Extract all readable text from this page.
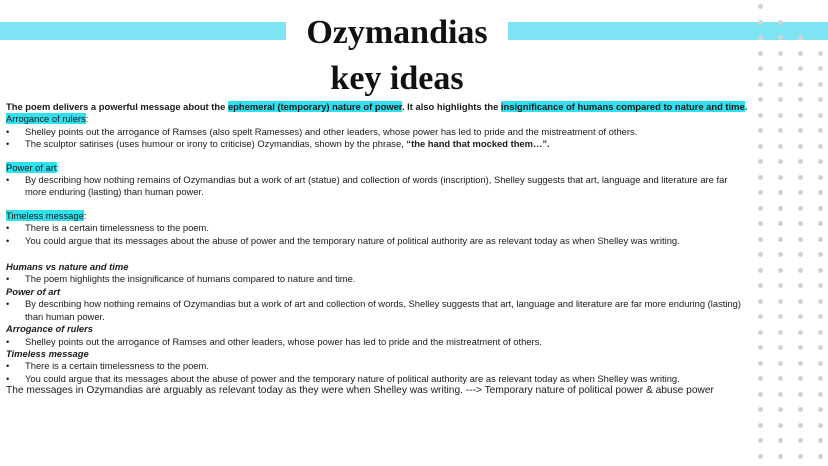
Ozymandias
key ideas

The poem delivers a powerful message about the ephemeral (temporary) nature of power. It also highlights the insignificance of humans compared to nature and time.

Arrogance of rulers:

• Shelley points out the arrogance of Ramses (also spelt Ramesses) and other leaders, whose power has led to pride and the mistreatment of others.
• The sculptor satirises (uses humour or irony to criticise) Ozymandias, shown by the phrase, “the hand that mocked them…”.

Power of art:

• By describing how nothing remains of Ozymandias but a work of art (statue) and collection of words (inscription), Shelley suggests that art, language and literature are far more enduring (lasting) than human power.

Timeless message:

• There is a certain timelessness to the poem.
• You could argue that its messages about the abuse of power and the temporary nature of political authority are as relevant today as when Shelley was writing.

Humans vs nature and time

• The poem highlights the insignificance of humans compared to nature and time.

Power of art

• By describing how nothing remains of Ozymandias but a work of art and collection of words, Shelley suggests that art, language and literature are far more enduring (lasting) than human power.

Arrogance of rulers

• Shelley points out the arrogance of Ramses and other leaders, whose power has led to pride and the mistreatment of others.

Timeless message

• There is a certain timelessness to the poem.
• You could argue that its messages about the abuse of power and the temporary nature of political authority are as relevant today as when Shelley was writing.

The messages in Ozymandias are arguably as relevant today as they were when Shelley was writing. ---> Temporary nature of political power & abuse power
